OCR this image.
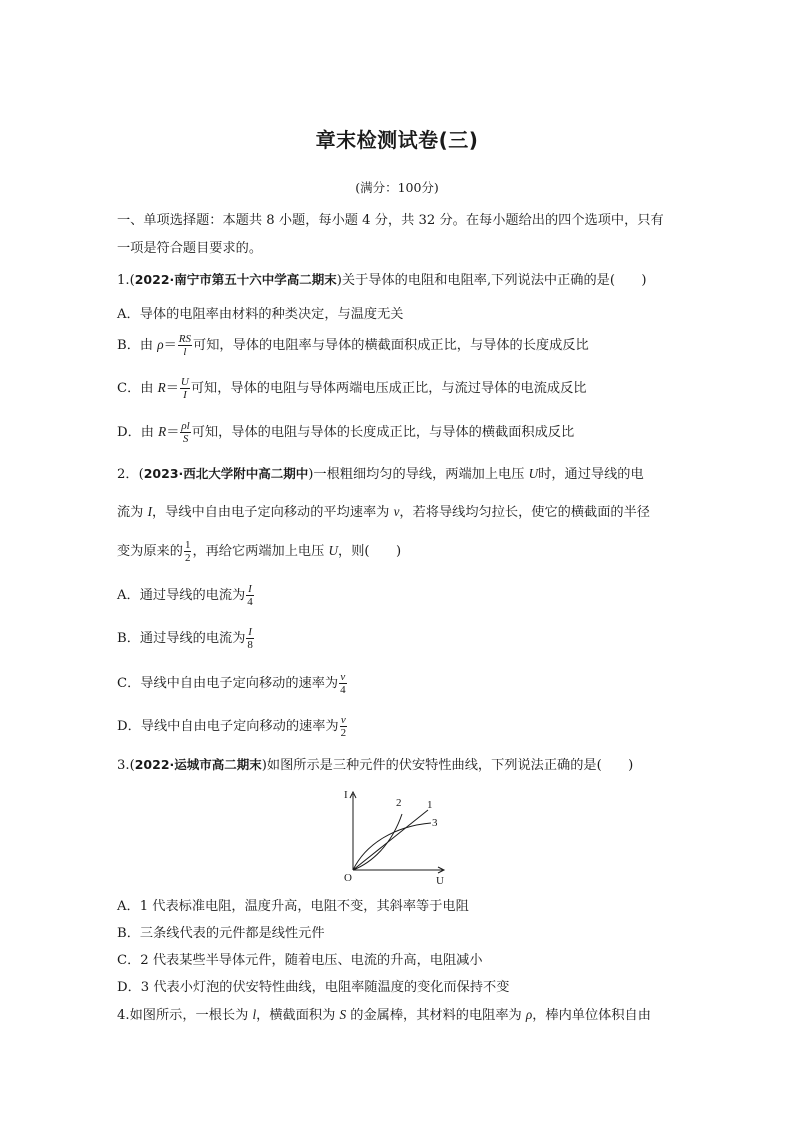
章末检测试卷(三)
(满分：100分)
一、单项选择题：本题共 8 小题，每小题 4 分，共 32 分。在每小题给出的四个选项中，只有
一项是符合题目要求的。
1.(2022·南宁市第五十六中学高二期末)关于导体的电阻和电阻率,下列说法中正确的是(　　)
A．导体的电阻率由材料的种类决定，与温度无关
B．由 $\rho= \frac{RS}{l}$ 可知，导体的电阻率与导体的横截面积成正比，与导体的长度成反比
C．由 $R= \frac{U}{I}$ 可知，导体的电阻与导体两端电压成正比，与流过导体的电流成反比
D．由 $R= \frac{\rho l}{S}$ 可知，导体的电阻与导体的长度成正比，与导体的横截面积成反比
2．(2023·西北大学附中高二期中)一根粗细均匀的导线，两端加上电压 U时，通过导线的电
流为 I，导线中自由电子定向移动的平均速率为 v，若将导线均匀拉长，使它的横截面的半径
变为原来的 $\frac{1}{2}$ ，再给它两端加上电压 U，则(　　)
A．通过导线的电流为 $\frac{I}{4}$
B．通过导线的电流为 $\frac{I}{8}$
C．导线中自由电子定向移动的速率为 $\frac{v}{4}$
D．导线中自由电子定向移动的速率为 $\frac{v}{2}$
3.(2022·运城市高二期末)如图所示是三种元件的伏安特性曲线，下列说法正确的是(　　)
I
U
O
2 1
3
A．1 代表标准电阻，温度升高，电阻不变，其斜率等于电阻
B．三条线代表的元件都是线性元件
C．2 代表某些半导体元件，随着电压、电流的升高，电阻减小
D．3 代表小灯泡的伏安特性曲线，电阻率随温度的变化而保持不变
4.如图所示，一根长为 l，横截面积为 S 的金属棒，其材料的电阻率为 ρ，棒内单位体积自由
